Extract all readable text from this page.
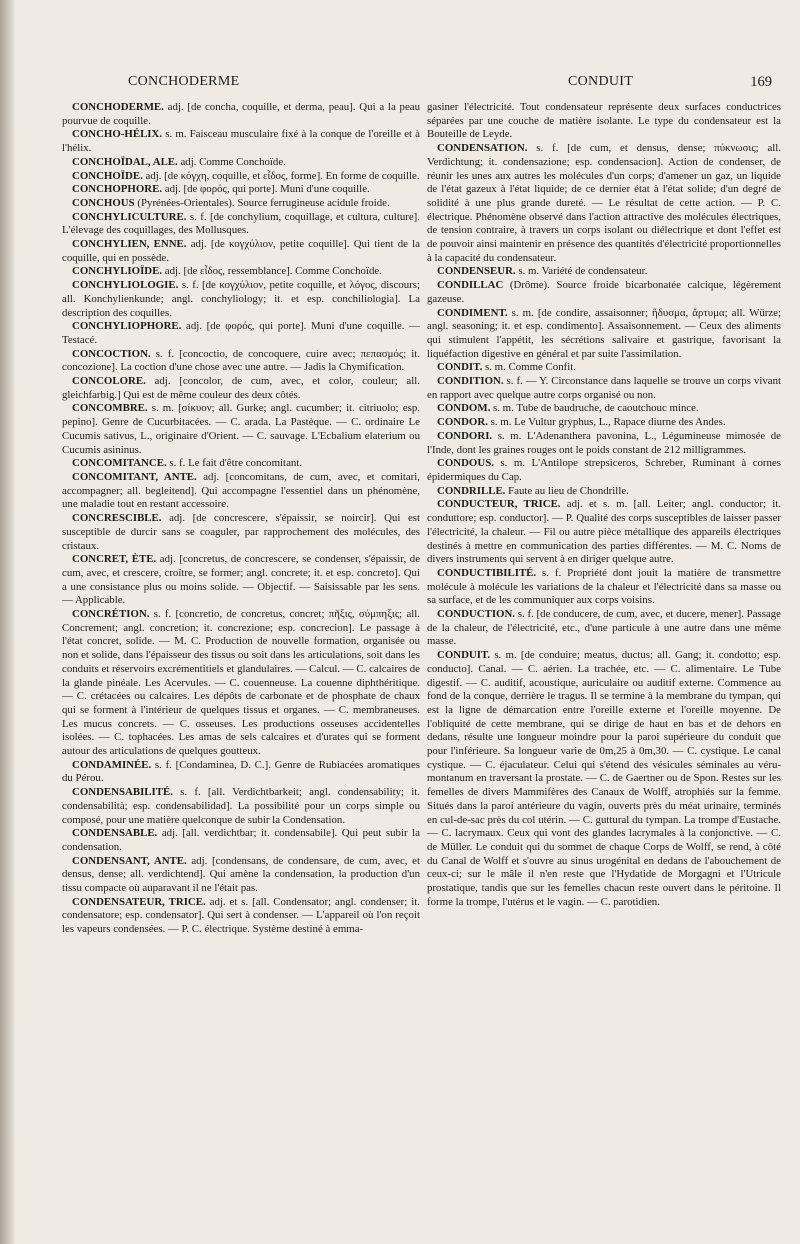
CONCHODERME	CONDUIT	169

CONCHODERME. adj. [de concha, coquille, et derma, peau]. Qui a la peau pourvue de coquille.

CONCHO-HÉLIX. s. m. Faisceau musculaire fixé à la conque de l'oreille et à l'hélix.

CONCHOÏDAL, ALE. adj. Comme Conchoïde.

CONCHOÏDE. adj. [de κόγχη, coquille, et εἶδος, forme]. En forme de coquille.

CONCHOPHORE. adj. [de φορός, qui porte]. Muni d'une coquille.

CONCHOUS (Pyrénées-Orientales). Source ferrugineuse acidule froide.

CONCHYLICULTURE. s. f. [de conchylium, coquillage, et cultura, culture]. L'élevage des coquillages, des Mollusques.

CONCHYLIEN, ENNE. adj. [de κογχύλιον, petite coquille]. Qui tient de la coquille, qui en possède.

CONCHYLIOÏDE. adj. [de εἶδος, ressemblance]. Comme Conchoïde.

CONCHYLIOLOGIE. s. f. [de κογχύλιον, petite coquille, et λόγος, discours; all. Konchylienkunde; angl. conchyliology; it. et esp. conchiliologia]. La description des coquilles.

CONCHYLIOPHORE. adj. [de φορός, qui porte]. Muni d'une coquille. — Testacé.

CONCOCTION. s. f. [concoctio, de concoquere, cuire avec; πεπασμός; it. concozione]. La coction d'une chose avec une autre. — Jadis la Chymification.

CONCOLORE. adj. [concolor, de cum, avec, et color, couleur; all. gleichfarbig.] Qui est de même couleur des deux côtés.

CONCOMBRE. s. m. [σίκυον; all. Gurke; angl. cucumber; it. citriuolo; esp. pepino]. Genre de Cucurbitacées. — C. arada. La Pastèque. — C. ordinaire Le Cucumis sativus, L., originaire d'Orient. — C. sauvage. L'Ecbalium elaterium ou Cucumis asininus.

CONCOMITANCE. s. f. Le fait d'être concomitant.

CONCOMITANT, ANTE. adj. [concomitans, de cum, avec, et comitari, accompagner; all. begleitend]. Qui accompagne l'essentiel dans un phénomène, une maladie tout en restant accessoire.

CONCRESCIBLE. adj. [de concrescere, s'épaissir, se noircir]. Qui est susceptible de durcir sans se coaguler, par rapprochement des molécules, des cristaux.

CONCRET, ÈTE. adj. [concretus, de concrescere, se condenser, s'épaissir, de cum, avec, et crescere, croître, se former; angl. concrete; it. et esp. concreto]. Qui a une consistance plus ou moins solide. — Objectif. — Saisissable par les sens. — Applicable.

CONCRÉTION. s. f. [concretio, de concretus, concret; πῆξις, σύμπηξις; all. Concrement; angl. concretion; it. concrezione; esp. concrecion]. Le passage à l'état concret, solide. — M. C. Production de nouvelle formation, organisée ou non et solide, dans l'épaisseur des tissus ou soit dans les articulations, soit dans les conduits et réservoirs excrémentitiels et glandulaires. — Calcul. — C. calcaires de la glande pinéale. Les Acervules. — C. couenneuse. La couenne diphthéritique. — C. crétacées ou calcaires. Les dépôts de carbonate et de phosphate de chaux qui se forment à l'intérieur de quelques tissus et organes. — C. membraneuses. Les mucus concrets. — C. osseuses. Les productions osseuses accidentelles isolées. — C. tophacées. Les amas de sels calcaires et d'urates qui se forment autour des articulations de quelques goutteux.

CONDAMINÉE. s. f. [Condaminea, D. C.]. Genre de Rubiacées aromatiques du Pérou.

CONDENSABILITÉ. s. f. [all. Verdichtbarkeit; angl. condensability; it. condensabilità; esp. condensabilidad]. La possibilité pour un corps simple ou composé, pour une matière quelconque de subir la Condensation.

CONDENSABLE. adj. [all. verdichtbar; it. condensabile]. Qui peut subir la condensation.

CONDENSANT, ANTE. adj. [condensans, de condensare, de cum, avec, et densus, dense; all. verdichtend]. Qui amène la condensation, la production d'un tissu compacte où auparavant il ne l'était pas.

CONDENSATEUR, TRICE. adj. et s. [all. Condensator; angl. condenser; it. condensatore; esp. condensator]. Qui sert à condenser. — L'appareil où l'on reçoit les vapeurs condensées. — P. C. électrique. Système destiné à emma-

gasiner l'électricité. Tout condensateur représente deux surfaces conductrices séparées par une couche de matière isolante. Le type du condensateur est la Bouteille de Leyde.

CONDENSATION. s. f. [de cum, et densus, dense; πύκνωσις; all. Verdichtung; it. condensazione; esp. condensacion]. Action de condenser, de réunir les unes aux autres les molécules d'un corps; d'amener un gaz, un liquide de l'état gazeux à l'état liquide; de ce dernier état à l'état solide; d'un degré de solidité à une plus grande dureté. — Le résultat de cette action. — P. C. électrique. Phénomène observé dans l'action attractive des molécules électriques, de tension contraire, à travers un corps isolant ou diélectrique et dont l'effet est de pouvoir ainsi maintenir en présence des quantités d'électricité proportionnelles à la capacité du condensateur.

CONDENSEUR. s. m. Variété de condensateur.

CONDILLAC (Drôme). Source froide bicarbonatée calcique, légèrement gazeuse.

CONDIMENT. s. m. [de condire, assaisonner; ἥδυσμα, ἄρτυμα; all. Würze; angl. seasoning; it. et esp. condimento]. Assaisonnement. — Ceux des aliments qui stimulent l'appétit, les sécrétions salivaire et gastrique, favorisant la liquéfaction digestive en général et par suite l'assimilation.

CONDIT. s. m. Comme Confit.

CONDITION. s. f. — Y. Circonstance dans laquelle se trouve un corps vivant en rapport avec quelque autre corps organisé ou non.

CONDOM. s. m. Tube de baudruche, de caoutchouc mince.

CONDOR. s. m. Le Vultur gryphus, L., Rapace diurne des Andes.

CONDORI. s. m. L'Adenanthera pavonina, L., Légumineuse mimosée de l'Inde, dont les graines rouges ont le poids constant de 212 milligrammes.

CONDOUS. s. m. L'Antilope strepsiceros, Schreber, Ruminant à cornes épidermiques du Cap.

CONDRILLE. Faute au lieu de Chondrille.

CONDUCTEUR, TRICE. adj. et s. m. [all. Leiter; angl. conductor; it. conduttore; esp. conductor]. — P. Qualité des corps susceptibles de laisser passer l'électricité, la chaleur. — Fil ou autre pièce métallique des appareils électriques destinés à mettre en communication des parties différentes. — M. C. Noms de divers instruments qui servent à en diriger quelque autre.

CONDUCTIBILITÉ. s. f. Propriété dont jouit la matière de transmettre molécule à molécule les variations de la chaleur et l'électricité dans sa masse ou sa surface, et de les communiquer aux corps voisins.

CONDUCTION. s. f. [de conducere, de cum, avec, et ducere, mener]. Passage de la chaleur, de l'électricité, etc., d'une particule à une autre dans une même masse.

CONDUIT. s. m. [de conduire; meatus, ductus; all. Gang; it. condotto; esp. conducto]. Canal. — C. aérien. La trachée, etc. — C. alimentaire. Le Tube digestif. — C. auditif, acoustique, auriculaire ou auditif externe. Commence au fond de la conque, derrière le tragus. Il se termine à la membrane du tympan, qui est la ligne de démarcation entre l'oreille externe et l'oreille moyenne. De l'obliquité de cette membrane, qui se dirige de haut en bas et de dehors en dedans, résulte une longueur moindre pour la paroi supérieure du conduit que pour l'inférieure. Sa longueur varie de 0m,25 à 0m,30. — C. cystique. Le canal cystique. — C. éjaculateur. Celui qui s'étend des vésicules séminales au véru-montanum en traversant la prostate. — C. de Gaertner ou de Spon. Restes sur les femelles de divers Mammifères des Canaux de Wolff, atrophiés sur la femme. Situés dans la paroi antérieure du vagin, ouverts près du méat urinaire, terminés en cul-de-sac près du col utérin. — C. guttural du tympan. La trompe d'Eustache. — C. lacrymaux. Ceux qui vont des glandes lacrymales à la conjonctive. — C. de Müller. Le conduit qui du sommet de chaque Corps de Wolff, se rend, à côté du Canal de Wolff et s'ouvre au sinus urogénital en dedans de l'abouchement de ceux-ci; sur le mâle il n'en reste que l'Hydatide de Morgagni et l'Utricule prostatique, tandis que sur les femelles chacun reste ouvert dans le péritoine. Il forme la trompe, l'utérus et le vagin. — C. parotidien.
